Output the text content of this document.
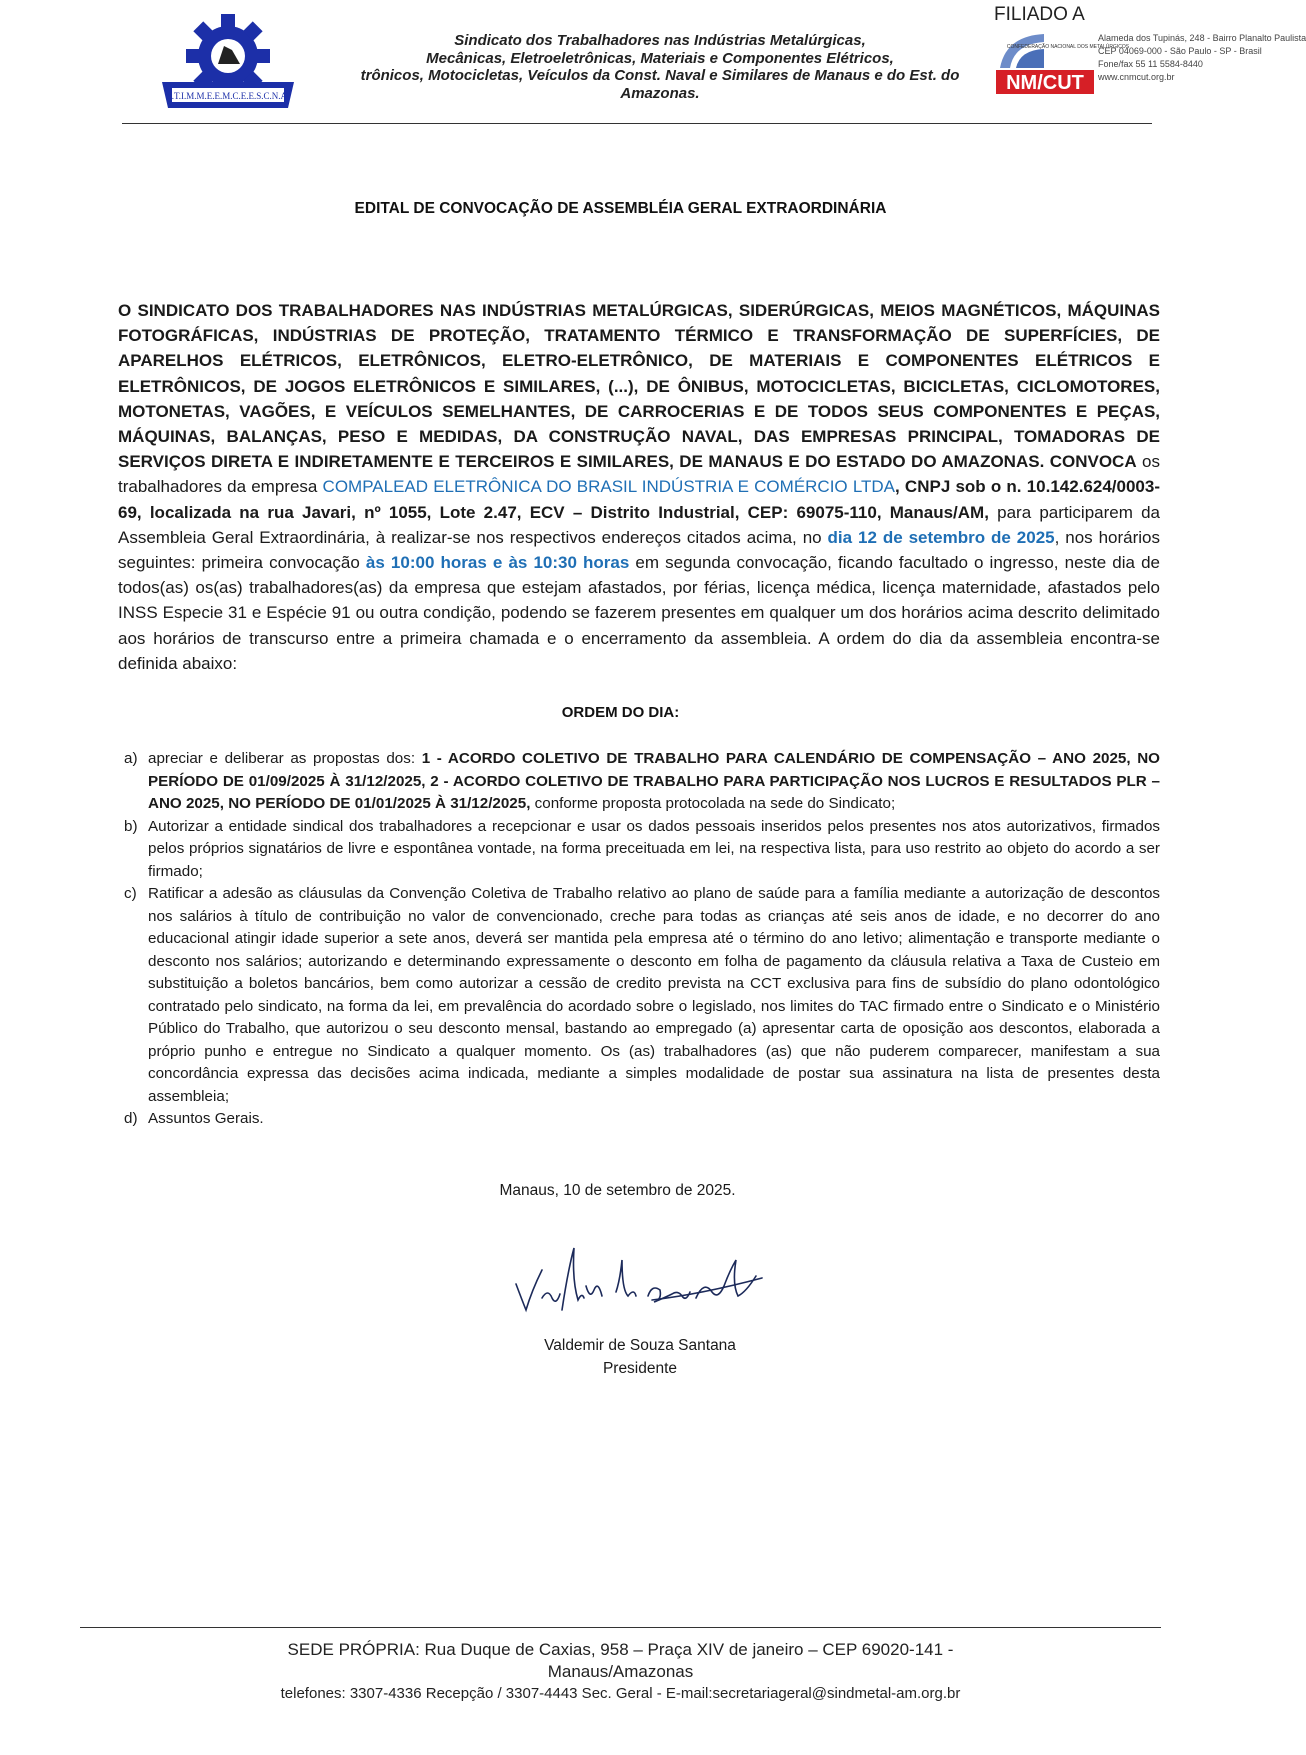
S.T.I.M.M.E.E.M.C.E.E.S.C.N.A.
Sindicato dos Trabalhadores nas Indústrias Metalúrgicas,
Mecânicas, Eletroeletrônicas, Materiais e Componentes Elétricos,
trônicos, Motocicletas, Veículos da Const. Naval e Similares de Manaus e do Est. do
Amazonas.
FILIADO A
CONFEDERAÇÃO NACIONAL DOS METALÚRGICOS
NM/CUT
Alameda dos Tupinás, 248 - Bairro Planalto Paulista
CEP 04069-000 - São Paulo - SP - Brasil
Fone/fax 55 11 5584-8440
www.cnmcut.org.br
EDITAL DE CONVOCAÇÃO DE ASSEMBLÉIA GERAL EXTRAORDINÁRIA
O SINDICATO DOS TRABALHADORES NAS INDÚSTRIAS METALÚRGICAS, SIDERÚRGICAS, MEIOS MAGNÉTICOS, MÁQUINAS FOTOGRÁFICAS, INDÚSTRIAS DE PROTEÇÃO, TRATAMENTO TÉRMICO E TRANSFORMAÇÃO DE SUPERFÍCIES, DE APARELHOS ELÉTRICOS, ELETRÔNICOS, ELETRO-ELETRÔNICO, DE MATERIAIS E COMPONENTES ELÉTRICOS E ELETRÔNICOS, DE JOGOS ELETRÔNICOS E SIMILARES, (...), DE ÔNIBUS, MOTOCICLETAS, BICICLETAS, CICLOMOTORES, MOTONETAS, VAGÕES, E VEÍCULOS SEMELHANTES, DE CARROCERIAS E DE TODOS SEUS COMPONENTES E PEÇAS, MÁQUINAS, BALANÇAS, PESO E MEDIDAS, DA CONSTRUÇÃO NAVAL, DAS EMPRESAS PRINCIPAL, TOMADORAS DE SERVIÇOS DIRETA E INDIRETAMENTE E TERCEIROS E SIMILARES, DE MANAUS E DO ESTADO DO AMAZONAS. CONVOCA os trabalhadores da empresa COMPALEAD ELETRÔNICA DO BRASIL INDÚSTRIA E COMÉRCIO LTDA, CNPJ sob o n. 10.142.624/0003-69, localizada na rua Javari, nº 1055, Lote 2.47, ECV – Distrito Industrial, CEP: 69075-110, Manaus/AM, para participarem da Assembleia Geral Extraordinária, à realizar-se nos respectivos endereços citados acima, no dia 12 de setembro de 2025, nos horários seguintes: primeira convocação às 10:00 horas e às 10:30 horas em segunda convocação, ficando facultado o ingresso, neste dia de todos(as) os(as) trabalhadores(as) da empresa que estejam afastados, por férias, licença médica, licença maternidade, afastados pelo INSS Especie 31 e Espécie 91 ou outra condição, podendo se fazerem presentes em qualquer um dos horários acima descrito delimitado aos horários de transcurso entre a primeira chamada e o encerramento da assembleia. A ordem do dia da assembleia encontra-se definida abaixo:
ORDEM DO DIA:
a) apreciar e deliberar as propostas dos: 1 - ACORDO COLETIVO DE TRABALHO PARA CALENDÁRIO DE COMPENSAÇÃO – ANO 2025, NO PERÍODO DE 01/09/2025 À 31/12/2025, 2 - ACORDO COLETIVO DE TRABALHO PARA PARTICIPAÇÃO NOS LUCROS E RESULTADOS PLR – ANO 2025, NO PERÍODO DE 01/01/2025 À 31/12/2025, conforme proposta protocolada na sede do Sindicato;
b) Autorizar a entidade sindical dos trabalhadores a recepcionar e usar os dados pessoais inseridos pelos presentes nos atos autorizativos, firmados pelos próprios signatários de livre e espontânea vontade, na forma preceituada em lei, na respectiva lista, para uso restrito ao objeto do acordo a ser firmado;
c) Ratificar a adesão as cláusulas da Convenção Coletiva de Trabalho relativo ao plano de saúde para a família mediante a autorização de descontos nos salários à título de contribuição no valor de convencionado, creche para todas as crianças até seis anos de idade, e no decorrer do ano educacional atingir idade superior a sete anos, deverá ser mantida pela empresa até o término do ano letivo; alimentação e transporte mediante o desconto nos salários; autorizando e determinando expressamente o desconto em folha de pagamento da cláusula relativa a Taxa de Custeio em substituição a boletos bancários, bem como autorizar a cessão de credito prevista na CCT exclusiva para fins de subsídio do plano odontológico contratado pelo sindicato, na forma da lei, em prevalência do acordado sobre o legislado, nos limites do TAC firmado entre o Sindicato e o Ministério Público do Trabalho, que autorizou o seu desconto mensal, bastando ao empregado (a) apresentar carta de oposição aos descontos, elaborada a próprio punho e entregue no Sindicato a qualquer momento. Os (as) trabalhadores (as) que não puderem comparecer, manifestam a sua concordância expressa das decisões acima indicada, mediante a simples modalidade de postar sua assinatura na lista de presentes desta assembleia;
d) Assuntos Gerais.
Manaus, 10 de setembro de 2025.
Valdemir de Souza Santana
Presidente
SEDE PRÓPRIA: Rua Duque de Caxias, 958 – Praça XIV de janeiro – CEP 69020-141 -
Manaus/Amazonas
telefones: 3307-4336 Recepção / 3307-4443 Sec. Geral - E-mail:secretariageral@sindmetal-am.org.br
